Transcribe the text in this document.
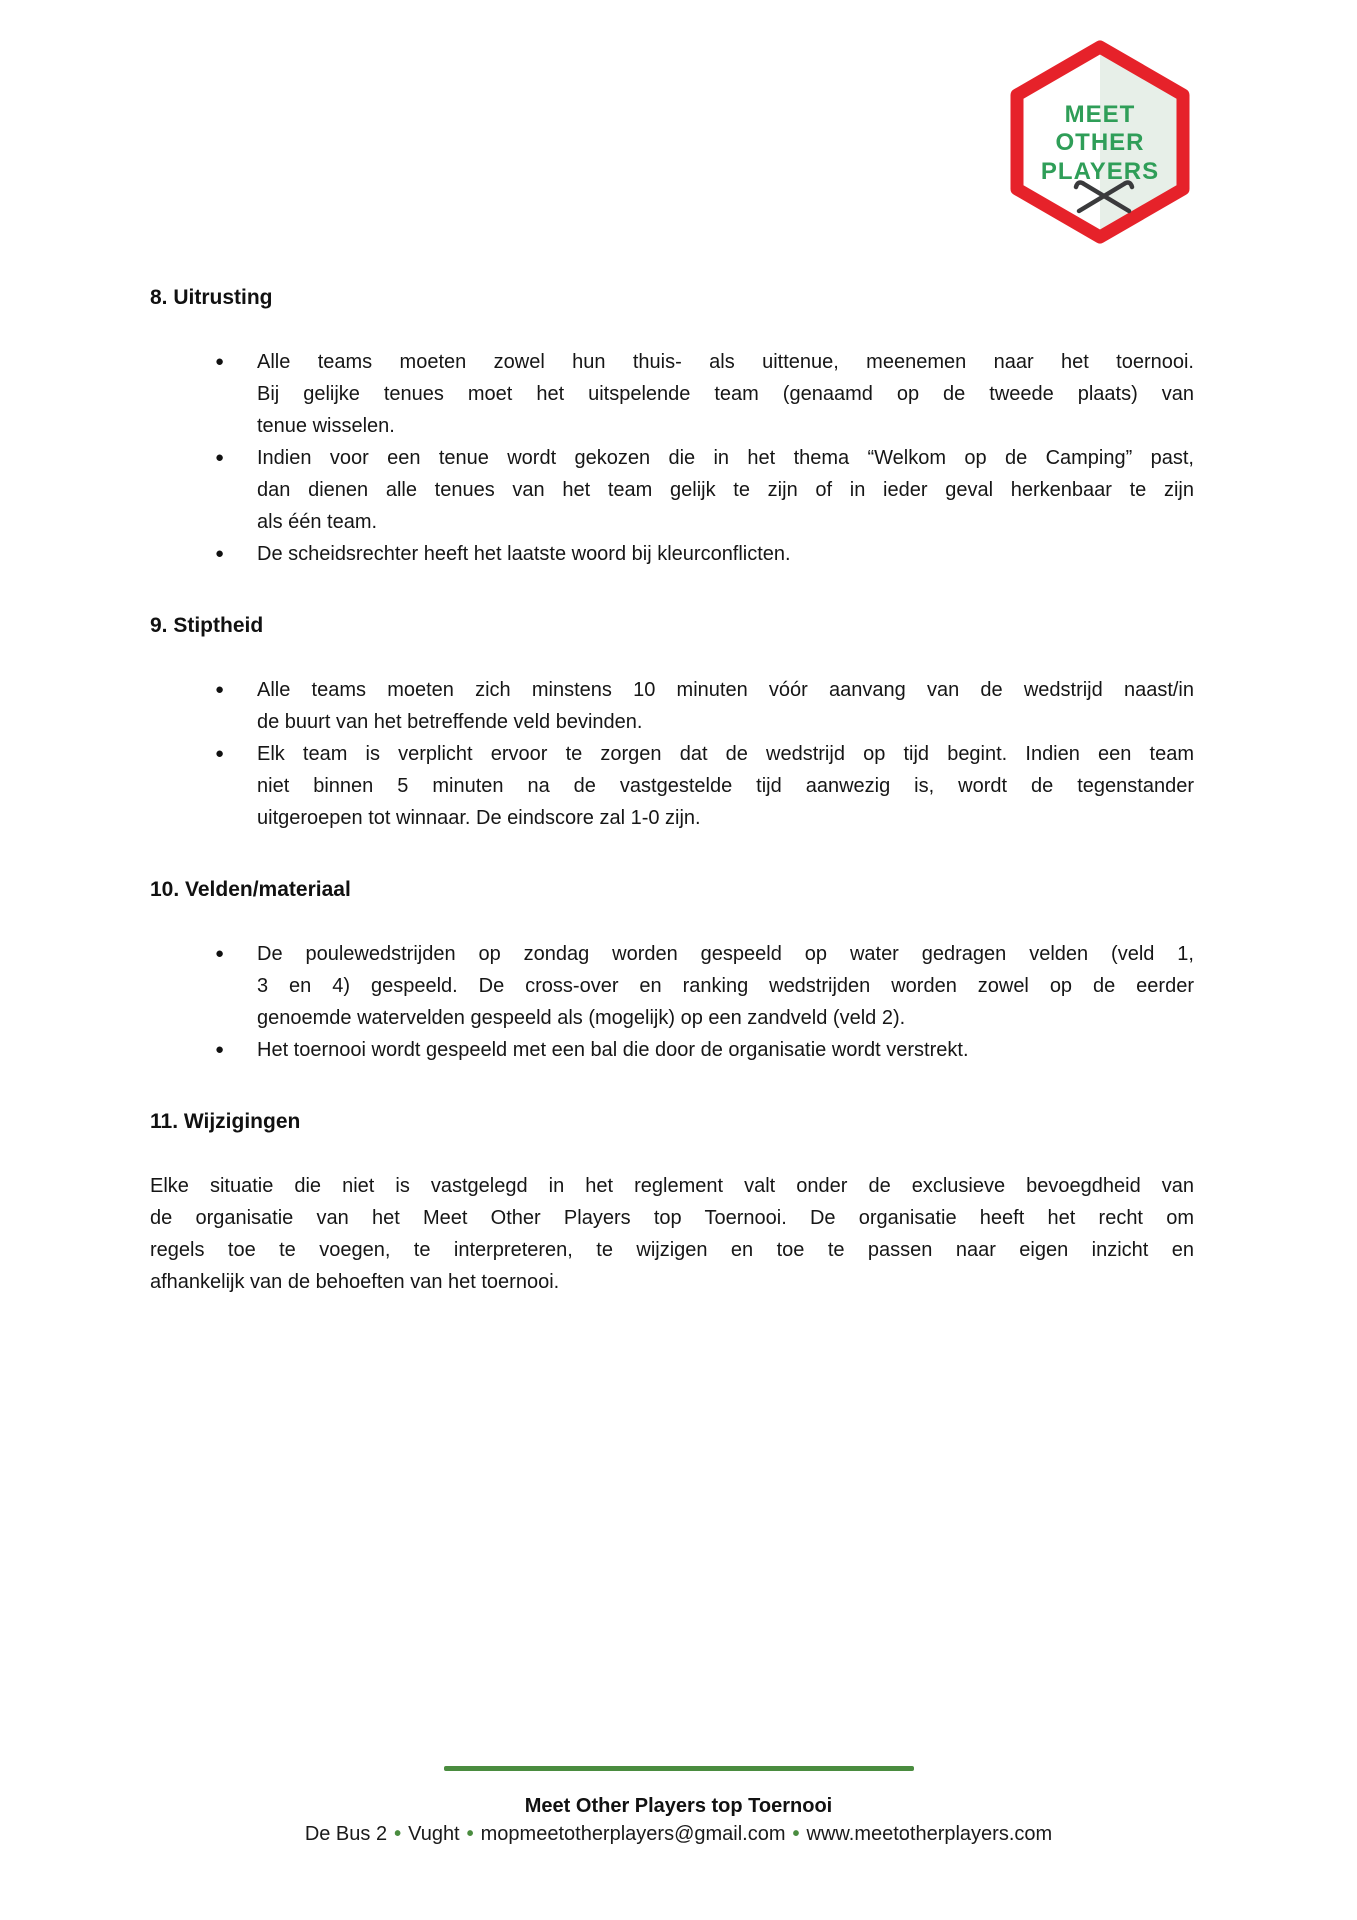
MEET
OTHER
PLAYERS
8. Uitrusting
● Alle teams moeten zowel hun thuis- als uittenue, meenemen naar het toernooi.
Bij gelijke tenues moet het uitspelende team (genaamd op de tweede plaats) van
tenue wisselen.
● Indien voor een tenue wordt gekozen die in het thema “Welkom op de Camping” past,
dan dienen alle tenues van het team gelijk te zijn of in ieder geval herkenbaar te zijn
als één team.
● De scheidsrechter heeft het laatste woord bij kleurconflicten.
9. Stiptheid
● Alle teams moeten zich minstens 10 minuten vóór aanvang van de wedstrijd naast/in
de buurt van het betreffende veld bevinden.
● Elk team is verplicht ervoor te zorgen dat de wedstrijd op tijd begint. Indien een team
niet binnen 5 minuten na de vastgestelde tijd aanwezig is, wordt de tegenstander
uitgeroepen tot winnaar. De eindscore zal 1-0 zijn.
10. Velden/materiaal
● De poulewedstrijden op zondag worden gespeeld op water gedragen velden (veld 1,
3 en 4) gespeeld. De cross-over en ranking wedstrijden worden zowel op de eerder
genoemde watervelden gespeeld als (mogelijk) op een zandveld (veld 2).
● Het toernooi wordt gespeeld met een bal die door de organisatie wordt verstrekt.
11. Wijzigingen
Elke situatie die niet is vastgelegd in het reglement valt onder de exclusieve bevoegdheid van
de organisatie van het Meet Other Players top Toernooi. De organisatie heeft het recht om
regels toe te voegen, te interpreteren, te wijzigen en toe te passen naar eigen inzicht en
afhankelijk van de behoeften van het toernooi.
Meet Other Players top Toernooi
De Bus 2 • Vught • mopmeetotherplayers@gmail.com • www.meetotherplayers.com
